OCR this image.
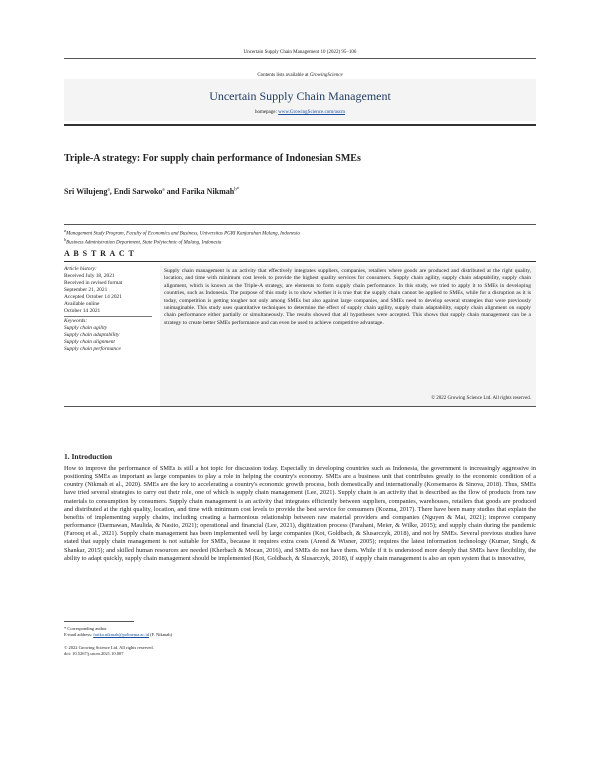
Uncertain Supply Chain Management 10 (2022) 95–106
Contents lists available at GrowingScience
Uncertain Supply Chain Management
homepage: www.GrowingScience.com/uscm
Triple-A strategy: For supply chain performance of Indonesian SMEs
Sri Wilujeng$^a$, Endi Sarwoko$^a$ and Farika Nikmah$^{b*}$
$^a$Management Study Program, Faculty of Economics and Business, Universitas PGRI Kanjuruhan Malang, Indonesia
$^b$Business Administration Department, State Polytechnic of Malang, Indonesia
A B S T R A C T
Article history:
Received July 18, 2021
Received in revised format
September 21, 2021
Accepted October 14 2021
Available online
October 14 2021
Keywords:
Supply chain agility
Supply chain adaptability
Supply chain alignment
Supply chain performance
Supply chain management is an activity that effectively integrates suppliers, companies, retailers where goods are produced and distributed at the right quality, location, and time with minimum cost levels to provide the highest quality services for consumers. Supply chain agility, supply chain adaptability, supply chain alignment, which is known as the Triple-A strategy, are elements to form supply chain performance. In this study, we tried to apply it to SMEs in developing countries, such as Indonesia. The purpose of this study is to show whether it is true that the supply chain cannot be applied to SMEs, while for a disruption as it is today, competition is getting tougher not only among SMEs but also against large companies, and SMEs need to develop several strategies that were previously unimaginable. This study uses quantitative techniques to determine the effect of supply chain agility, supply chain adaptability, supply chain alignment on supply chain performance either partially or simultaneously. The results showed that all hypotheses were accepted. This shows that supply chain management can be a strategy to create better SMEs performance and can even be used to achieve competitive advantage.
© 2022 Growing Science Ltd. All rights reserved.
1. Introduction
How to improve the performance of SMEs is still a hot topic for discussion today. Especially in developing countries such as Indonesia, the government is increasingly aggressive in positioning SMEs as important as large companies to play a role in helping the country's economy. SMEs are a business unit that contributes greatly to the economic condition of a country (Nikmah et al., 2020). SMEs are the key to accelerating a country's economic growth process, both domestically and internationally (Korsemaros & Sinova, 2018). Thus, SMEs have tried several strategies to carry out their role, one of which is supply chain management (Lee, 2021). Supply chain is an activity that is described as the flow of products from raw materials to consumption by consumers. Supply chain management is an activity that integrates efficiently between suppliers, companies, warehouses, retailers that goods are produced and distributed at the right quality, location, and time with minimum cost levels to provide the best service for consumers (Kozma, 2017). There have been many studies that explain the benefits of implementing supply chains, including creating a harmonious relationship between raw material providers and companies (Nguyen & Mai, 2021); improve company performance (Darmawan, Maulida, & Nasito, 2021); operational and financial (Lee, 2021), digitization process (Farahani, Meier, & Wilke, 2015); and supply chain during the pandemic (Farooq et al., 2021). Supply chain management has been implemented well by large companies (Kot, Goldbach, & Slusarczyk, 2018), and not by SMEs. Several previous studies have stated that supply chain management is not suitable for SMEs, because it requires extra costs (Arend & Wisner, 2005); requires the latest information technology (Kumar, Singh, & Shankar, 2015); and skilled human resources are needed (Kherbach & Mocan, 2016), and SMEs do not have them. While if it is understood more deeply that SMEs have flexibility, the ability to adapt quickly, supply chain management should be implemented (Kot, Goldbach, & Slusarczyk, 2018), if supply chain management is also an open system that is innovative,
* Corresponding author
E-mail address: farika.nikmah@polinema.ac.id (F. Nikmah)
© 2022 Growing Science Ltd. All rights reserved.
doi: 10.5267/j.uscm.2021.10.007
